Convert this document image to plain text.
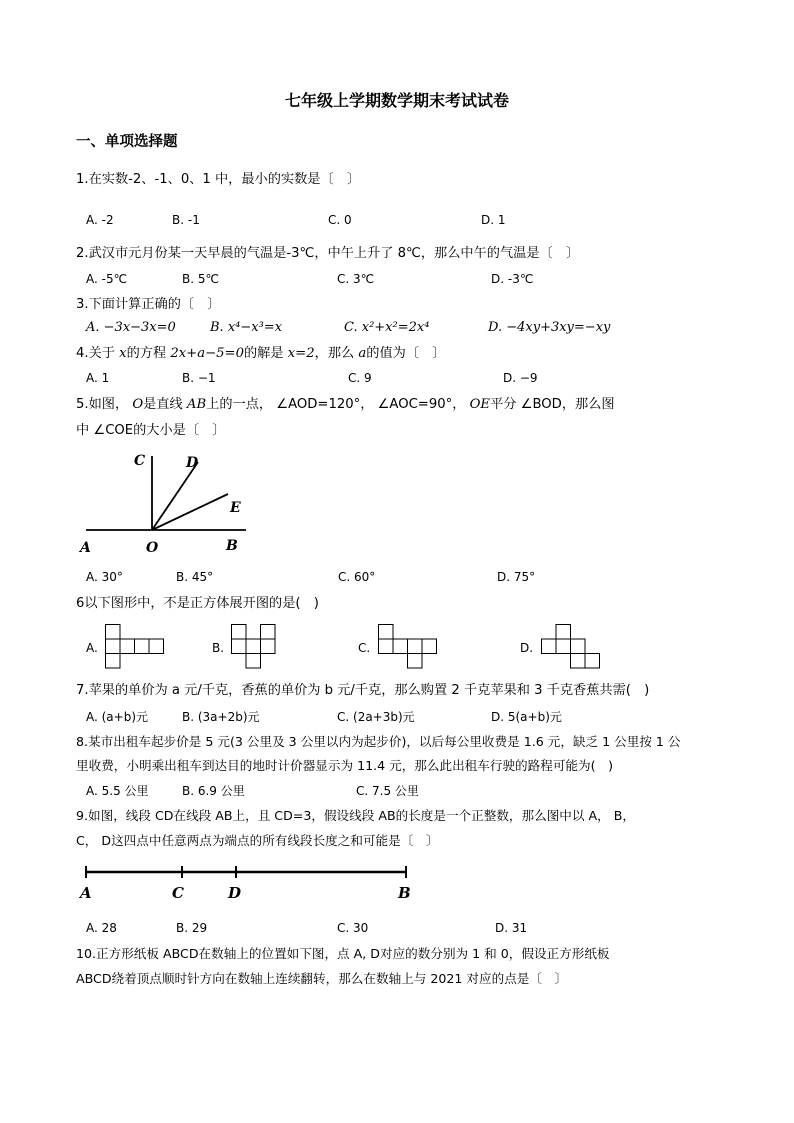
七年级上学期数学期末考试试卷
一、单项选择题
1.在实数-2、-1、0、1 中，最小的实数是〔　〕
A. -2	B. -1	C. 0	D. 1
2.武汉市元月份某一天早晨的气温是-3℃，中午上升了 8℃，那么中午的气温是〔　〕
A. -5℃	B. 5℃	C. 3℃	D. -3℃
3.下面计算正确的〔　〕
A. −3x−3x=0	B. x⁴−x³=x	C. x²+x²=2x⁴	D. −4xy+3xy=−xy
4.关于 x的方程 2x+a−5=0的解是 x=2，那么 a的值为〔　〕
A. 1	B. −1	C. 9	D. −9
5.如图， O是直线 AB上的一点， ∠AOD=120°， ∠AOC=90°， OE平分 ∠BOD，那么图
中 ∠COE的大小是〔　〕
C	D
E
A	O	B
A. 30°	B. 45°	C. 60°	D. 75°
6以下图形中，不是正方体展开图的是(　)
A.	B.	C.	D.
7.苹果的单价为 a 元/千克，香蕉的单价为 b 元/千克，那么购置 2 千克苹果和 3 千克香蕉共需(　)
A. (a+b)元	B. (3a+2b)元	C. (2a+3b)元	D. 5(a+b)元
8.某市出租车起步价是 5 元(3 公里及 3 公里以内为起步价)，以后每公里收费是 1.6 元，缺乏 1 公里按 1 公
里收费，小明乘出租车到达目的地时计价器显示为 11.4 元，那么此出租车行驶的路程可能为(　)
A. 5.5 公里	B. 6.9 公里	C. 7.5 公里
9.如图，线段 CD在线段 AB上，且 CD=3，假设线段 AB的长度是一个正整数，那么图中以 A， B，
C， D这四点中任意两点为端点的所有线段长度之和可能是〔　〕
A	C	D	B
A. 28	B. 29	C. 30	D. 31
10.正方形纸板 ABCD在数轴上的位置如下图，点 A, D对应的数分别为 1 和 0，假设正方形纸板
ABCD绕着顶点顺时针方向在数轴上连续翻转，那么在数轴上与 2021 对应的点是〔　〕
